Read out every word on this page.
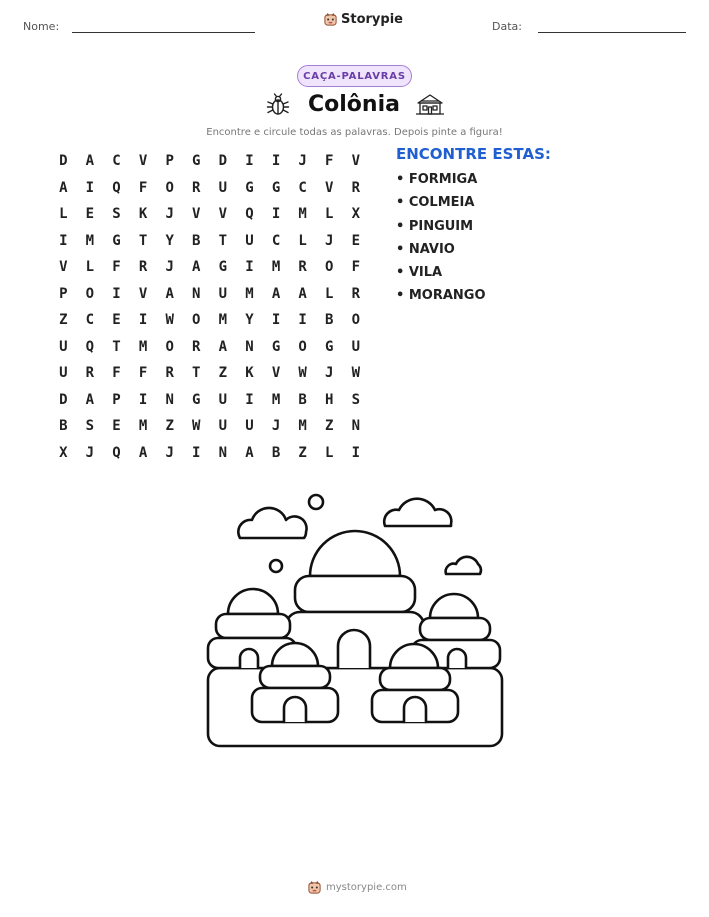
Nome:	Storypie	Data:
CAÇA-PALAVRAS
Colônia
Encontre e circule todas as palavras. Depois pinte a figura!
D	A	C	V	P	G	D	I	I	J	F	V
A	I	Q	F	O	R	U	G	G	C	V	R
L	E	S	K	J	V	V	Q	I	M	L	X
I	M	G	T	Y	B	T	U	C	L	J	E
V	L	F	R	J	A	G	I	M	R	O	F
P	O	I	V	A	N	U	M	A	A	L	R
Z	C	E	I	W	O	M	Y	I	I	B	O
U	Q	T	M	O	R	A	N	G	O	G	U
U	R	F	F	R	T	Z	K	V	W	J	W
D	A	P	I	N	G	U	I	M	B	H	S
B	S	E	M	Z	W	U	U	J	M	Z	N
X	J	Q	A	J	I	N	A	B	Z	L	I
ENCONTRE ESTAS:
• FORMIGA
• COLMEIA
• PINGUIM
• NAVIO
• VILA
• MORANGO
mystorypie.com
